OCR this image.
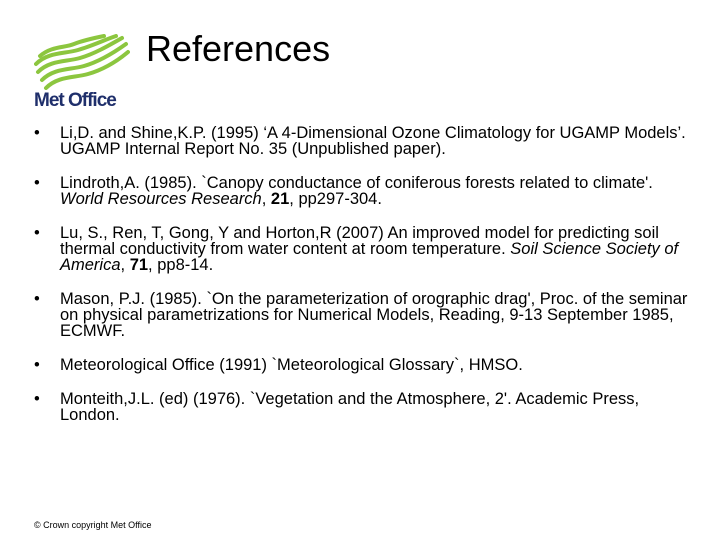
Met Office
References
• Li,D. and Shine,K.P. (1995) ‘A 4-Dimensional Ozone Climatology for UGAMP Models’. UGAMP Internal Report No. 35 (Unpublished paper).
• Lindroth,A. (1985). `Canopy conductance of coniferous forests related to climate'. World Resources Research, 21, pp297‑304.
• Lu, S., Ren, T, Gong, Y and Horton,R (2007) An improved model for predicting soil thermal conductivity from water content at room temperature. Soil Science Society of America, 71, pp8-14.
• Mason, P.J. (1985). `On the parameterization of orographic drag', Proc. of the seminar on physical parametrizations for Numerical Models, Reading, 9‑13 September 1985, ECMWF.
• Meteorological Office (1991) `Meteorological Glossary`, HMSO.
• Monteith,J.L. (ed) (1976). `Vegetation and the Atmosphere, 2'. Academic Press, London.
© Crown copyright Met Office
